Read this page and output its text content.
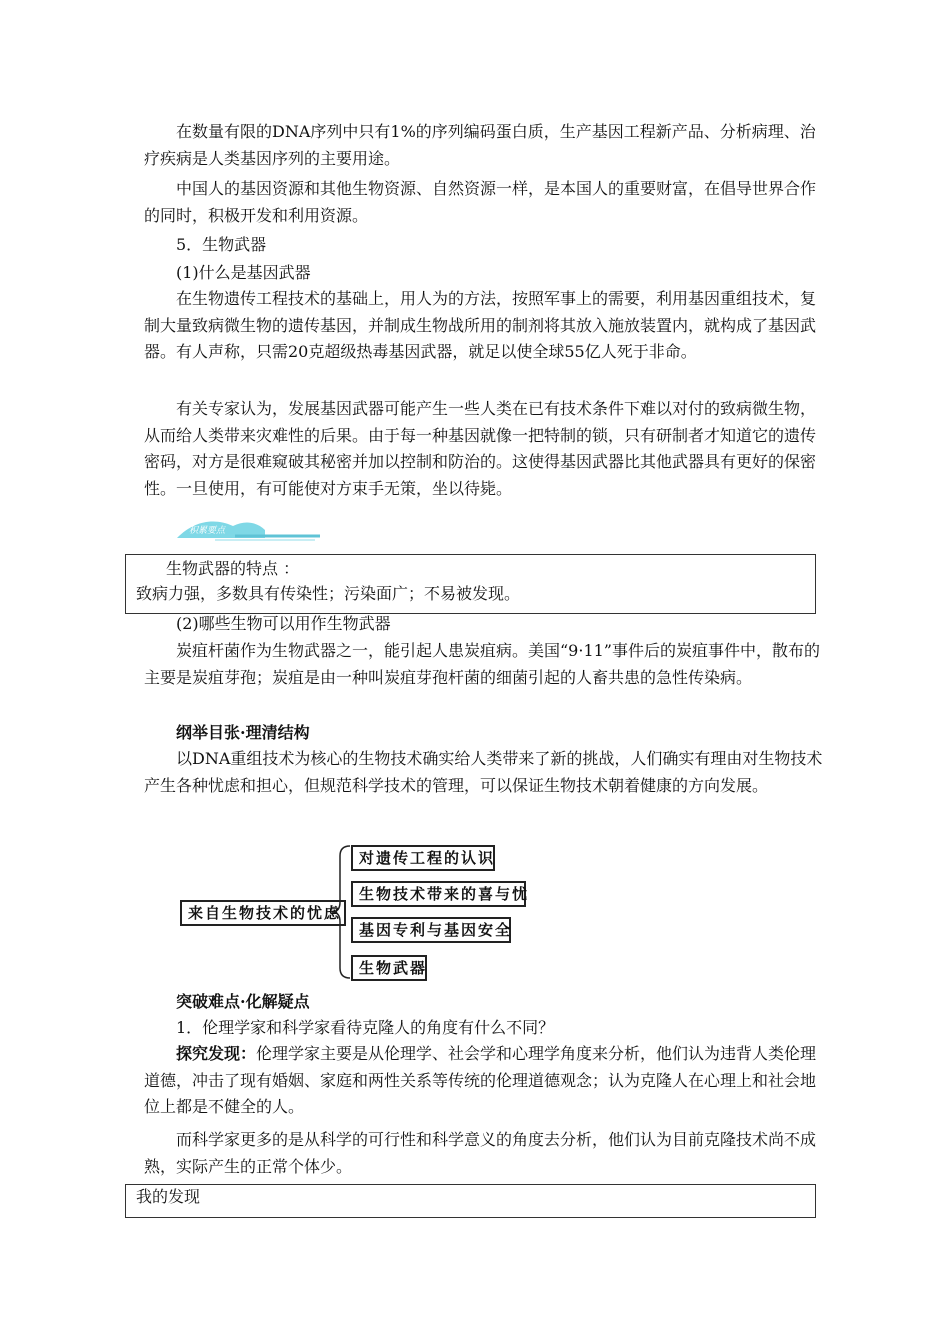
在数量有限的DNA序列中只有1%的序列编码蛋白质，生产基因工程新产品、分析病理、治疗疾病是人类基因序列的主要用途。

中国人的基因资源和其他生物资源、自然资源一样，是本国人的重要财富，在倡导世界合作的同时，积极开发和利用资源。

5．生物武器

(1)什么是基因武器

在生物遗传工程技术的基础上，用人为的方法，按照军事上的需要，利用基因重组技术，复制大量致病微生物的遗传基因，并制成生物战所用的制剂将其放入施放装置内，就构成了基因武器。有人声称，只需20克超级热毒基因武器，就足以使全球55亿人死于非命。

有关专家认为，发展基因武器可能产生一些人类在已有技术条件下难以对付的致病微生物，从而给人类带来灾难性的后果。由于每一种基因就像一把特制的锁，只有研制者才知道它的遗传密码，对方是很难窥破其秘密并加以控制和防治的。这使得基因武器比其他武器具有更好的保密性。一旦使用，有可能使对方束手无策，坐以待毙。

积累要点

生物武器的特点 ：

致病力强，多数具有传染性；污染面广；不易被发现。

(2)哪些生物可以用作生物武器

炭疽杆菌作为生物武器之一，能引起人患炭疽病。美国“9·11”事件后的炭疽事件中，散布的主要是炭疽芽孢；炭疽是由一种叫炭疽芽孢杆菌的细菌引起的人畜共患的急性传染病。

纲举目张·理清结构

以DNA重组技术为核心的生物技术确实给人类带来了新的挑战，人们确实有理由对生物技术产生各种忧虑和担心，但规范科学技术的管理，可以保证生物技术朝着健康的方向发展。

来自生物技术的忧虑
对遗传工程的认识
生物技术带来的喜与忧
基因专利与基因安全
生物武器

突破难点·化解疑点

1．伦理学家和科学家看待克隆人的角度有什么不同？

探究发现：伦理学家主要是从伦理学、社会学和心理学角度来分析，他们认为违背人类伦理道德，冲击了现有婚姻、家庭和两性关系等传统的伦理道德观念；认为克隆人在心理上和社会地位上都是不健全的人。

而科学家更多的是从科学的可行性和科学意义的角度去分析，他们认为目前克隆技术尚不成熟，实际产生的正常个体少。

我的发现
